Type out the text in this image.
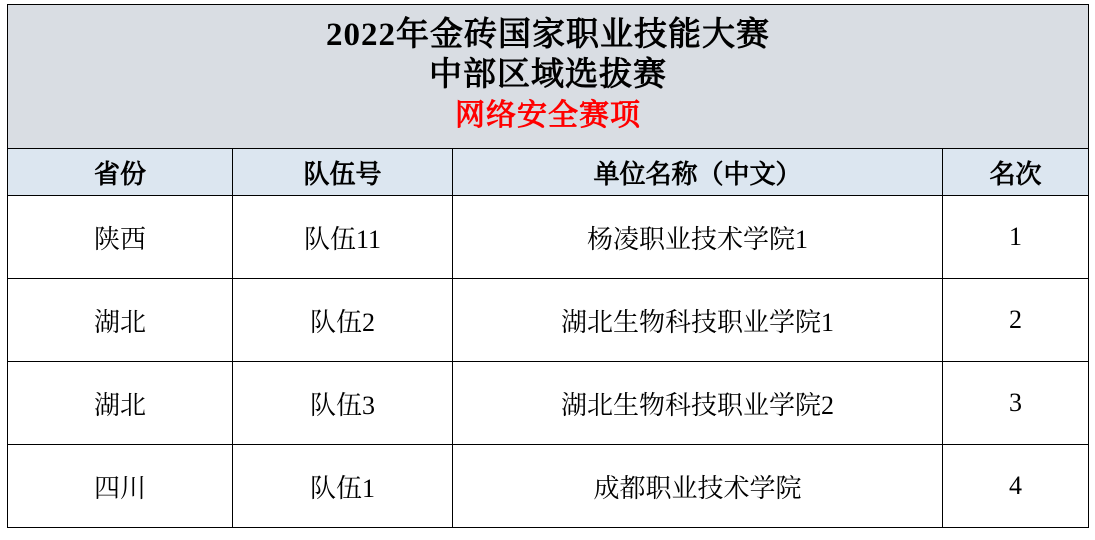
2022年金砖国家职业技能大赛
中部区域选拔赛
网络安全赛项			

省份	队伍号	单位名称（中文）	名次
陕西	队伍11	杨凌职业技术学院1	1
湖北	队伍2	湖北生物科技职业学院1	2
湖北	队伍3	湖北生物科技职业学院2	3
四川	队伍1	成都职业技术学院	4
